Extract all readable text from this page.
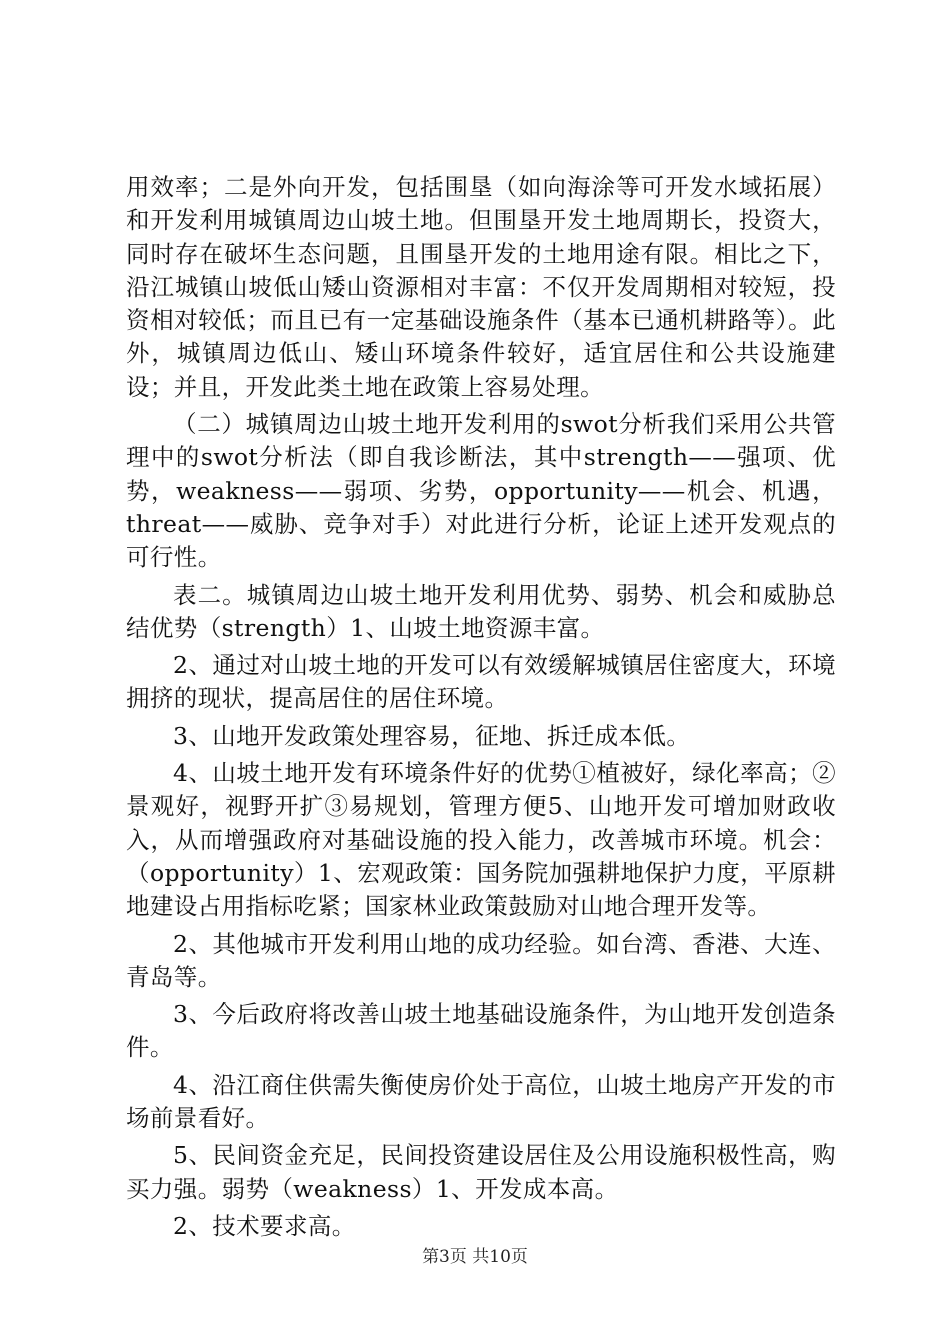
用效率；二是外向开发，包括围垦（如向海涂等可开发水域拓展）和开发利用城镇周边山坡土地。但围垦开发土地周期长，投资大，同时存在破坏生态问题，且围垦开发的土地用途有限。相比之下，沿江城镇山坡低山矮山资源相对丰富：不仅开发周期相对较短，投资相对较低；而且已有一定基础设施条件（基本已通机耕路等）。此外，城镇周边低山、矮山环境条件较好，适宜居住和公共设施建设；并且，开发此类土地在政策上容易处理。

（二）城镇周边山坡土地开发利用的swot分析我们采用公共管理中的swot分析法（即自我诊断法，其中strength——强项、优势，weakness——弱项、劣势，opportunity——机会、机遇，threat——威胁、竞争对手）对此进行分析，论证上述开发观点的可行性。

表二。城镇周边山坡土地开发利用优势、弱势、机会和威胁总结优势（strength）1、山坡土地资源丰富。

2、通过对山坡土地的开发可以有效缓解城镇居住密度大，环境拥挤的现状，提高居住的居住环境。

3、山地开发政策处理容易，征地、拆迁成本低。

4、山坡土地开发有环境条件好的优势①植被好，绿化率高；②景观好，视野开扩③易规划，管理方便5、山地开发可增加财政收入，从而增强政府对基础设施的投入能力，改善城市环境。机会：（opportunity）1、宏观政策：国务院加强耕地保护力度，平原耕地建设占用指标吃紧；国家林业政策鼓励对山地合理开发等。

2、其他城市开发利用山地的成功经验。如台湾、香港、大连、青岛等。

3、今后政府将改善山坡土地基础设施条件，为山地开发创造条件。

4、沿江商住供需失衡使房价处于高位，山坡土地房产开发的市场前景看好。

5、民间资金充足，民间投资建设居住及公用设施积极性高，购买力强。弱势（weakness）1、开发成本高。

2、技术要求高。

第3页 共10页
